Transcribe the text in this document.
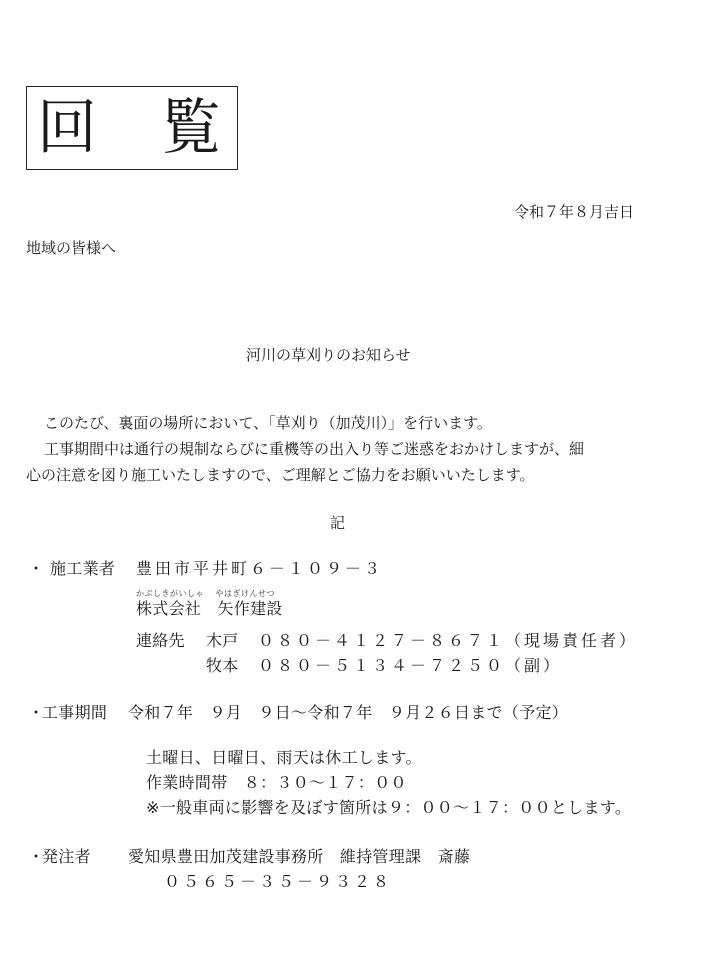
回 覧
令和７年８月吉日
地域の皆様へ
河川の草刈りのお知らせ
このたび、裏面の場所において、「草刈り（加茂川）」を行います。
工事期間中は通行の規制ならびに重機等の出入り等ご迷惑をおかけしますが、細
心の注意を図り施工いたしますので、ご理解とご協力をお願いいたします。
記
・ 施工業者 豊田市平井町６－１０９－３
かぶしきがいしゃ　 やはぎけんせつ
株式会社　矢作建設
連絡先 木戸 ０８０－４１２７－８６７１（現場責任者）
牧本 ０８０－５１３４－７２５０（副）
・
工事期間 令和７年　９月　９日～令和７年　９月２６日まで（予定）
土曜日、日曜日、雨天は休工します。
作業時間帯　８：３０～１７：００
※一般車両に影響を及ぼす箇所は９：００～１７：００とします。
・
発注者 愛知県豊田加茂建設事務所　維持管理課　斎藤
０５６５－３５－９３２８
